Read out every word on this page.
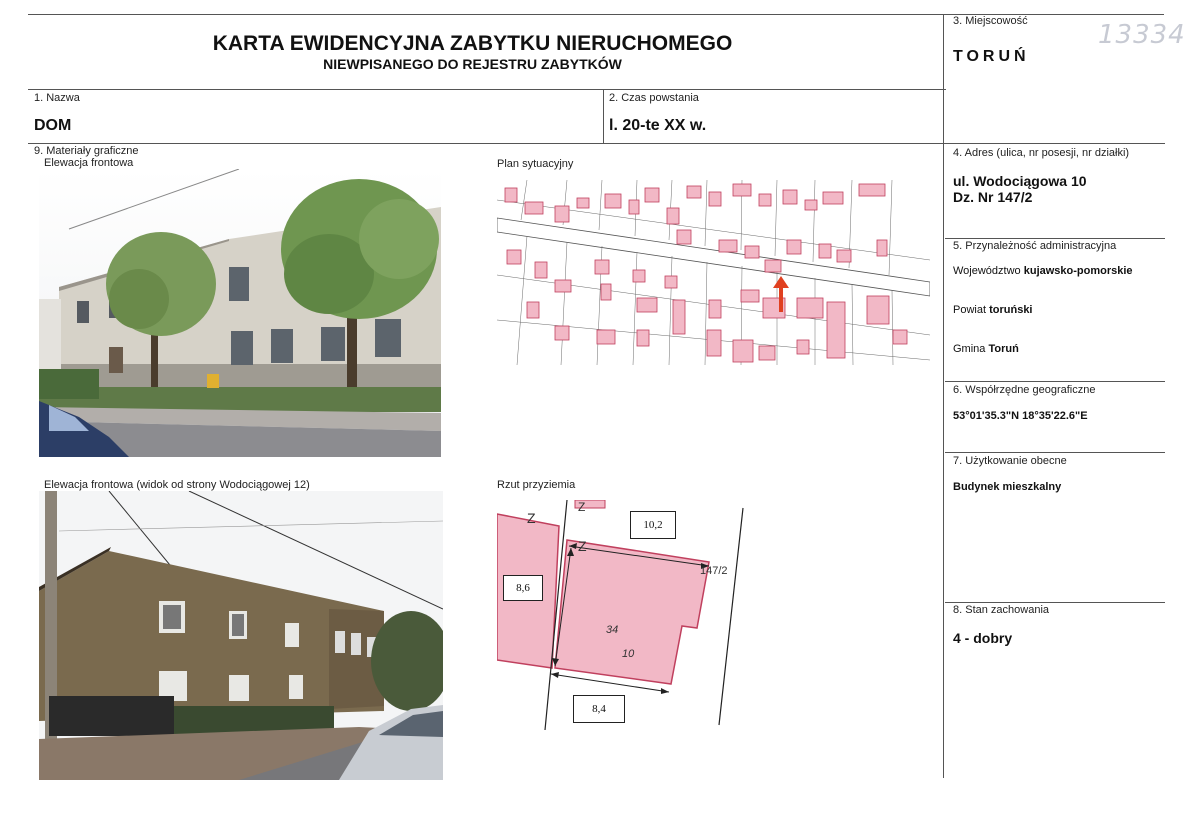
KARTA EWIDENCYJNA ZABYTKU NIERUCHOMEGO
NIEWPISANEGO DO REJESTRU ZABYTKÓW
3. Miejscowość
TORUŃ
13334
1. Nazwa
DOM
2. Czas powstania
l. 20-te XX w.
9. Materiały graficzne
Elewacja frontowa	Plan sytuacyjny
Elewacja frontowa (widok od strony Wodociągowej 12)	Rzut przyziemia
Z
Z
Z
10,2
8,6
8,4
147/2
34
10
4. Adres (ulica, nr posesji, nr działki)
ul. Wodociągowa 10
Dz. Nr 147/2
5. Przynależność administracyjna
Województwo kujawsko-pomorskie
Powiat toruński
Gmina Toruń
6. Współrzędne geograficzne
53°01'35.3"N 18°35'22.6"E
7. Użytkowanie obecne
Budynek mieszkalny
8. Stan zachowania
4 - dobry
